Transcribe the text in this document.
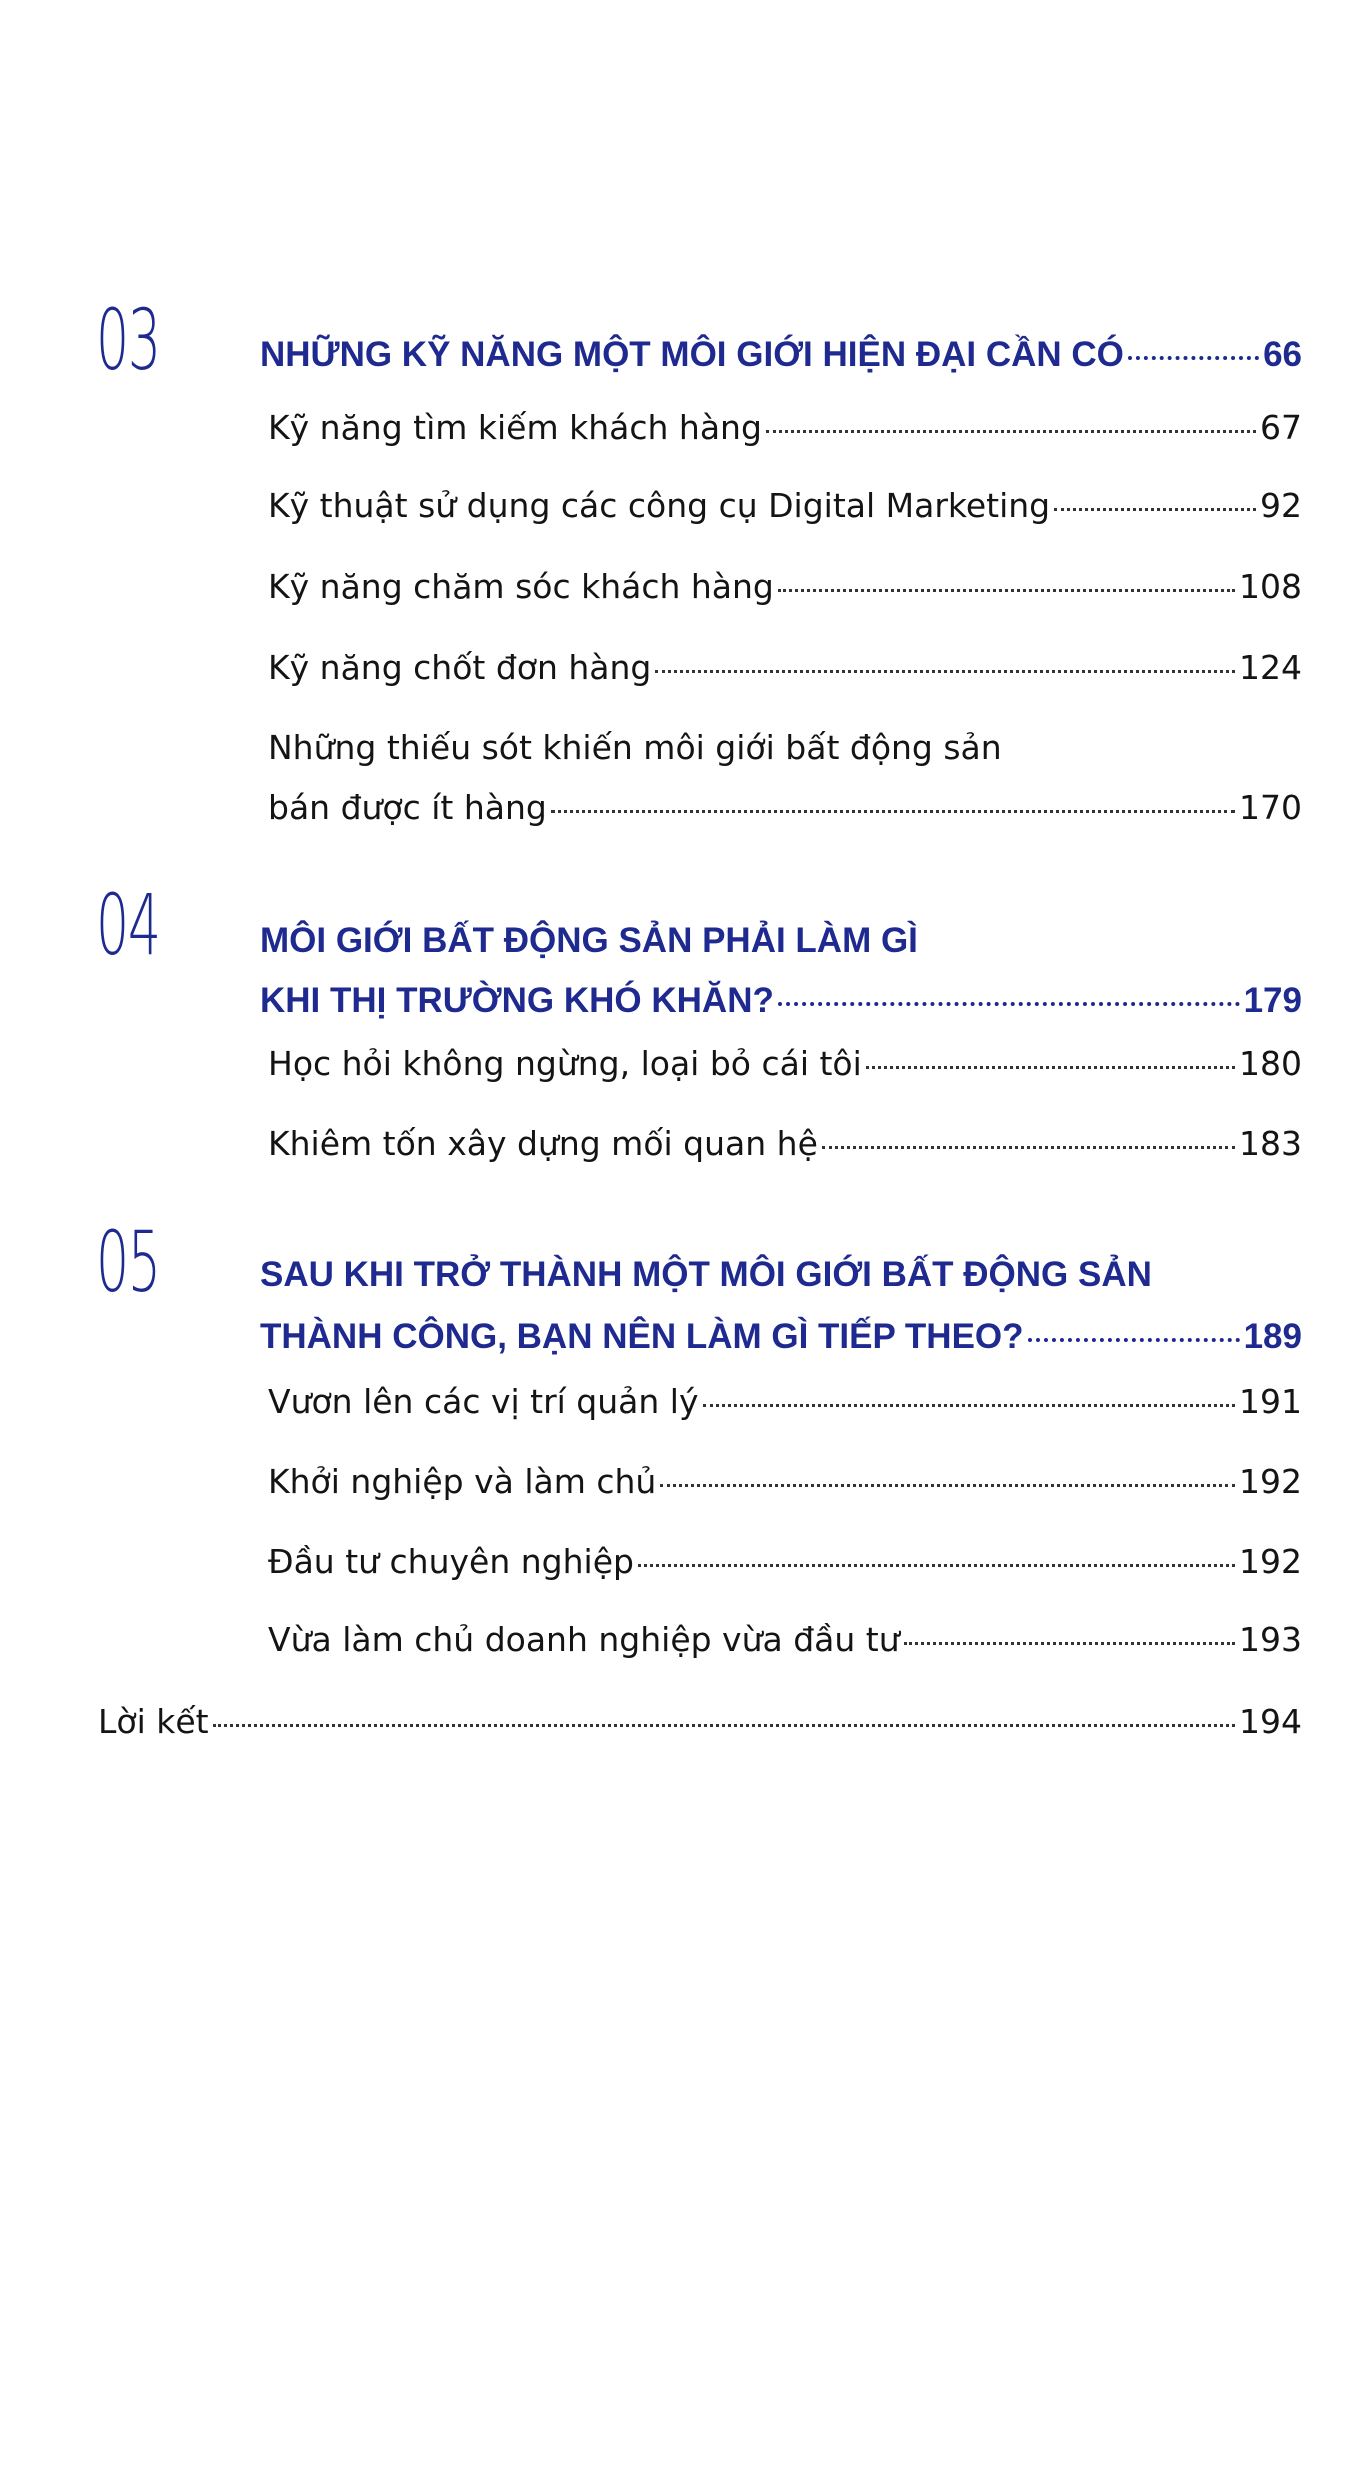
03	NHỮNG KỸ NĂNG MỘT MÔI GIỚI HIỆN ĐẠI CẦN CÓ	66
Kỹ năng tìm kiếm khách hàng	67
Kỹ thuật sử dụng các công cụ Digital Marketing	92
Kỹ năng chăm sóc khách hàng	108
Kỹ năng chốt đơn hàng	124
Những thiếu sót khiến môi giới bất động sản
bán được ít hàng	170
04	MÔI GIỚI BẤT ĐỘNG SẢN PHẢI LÀM GÌ
KHI THỊ TRƯỜNG KHÓ KHĂN?	179
Học hỏi không ngừng, loại bỏ cái tôi	180
Khiêm tốn xây dựng mối quan hệ	183
05	SAU KHI TRỞ THÀNH MỘT MÔI GIỚI BẤT ĐỘNG SẢN
THÀNH CÔNG, BẠN NÊN LÀM GÌ TIẾP THEO?	189
Vươn lên các vị trí quản lý	191
Khởi nghiệp và làm chủ	192
Đầu tư chuyên nghiệp	192
Vừa làm chủ doanh nghiệp vừa đầu tư	193
Lời kết	194
